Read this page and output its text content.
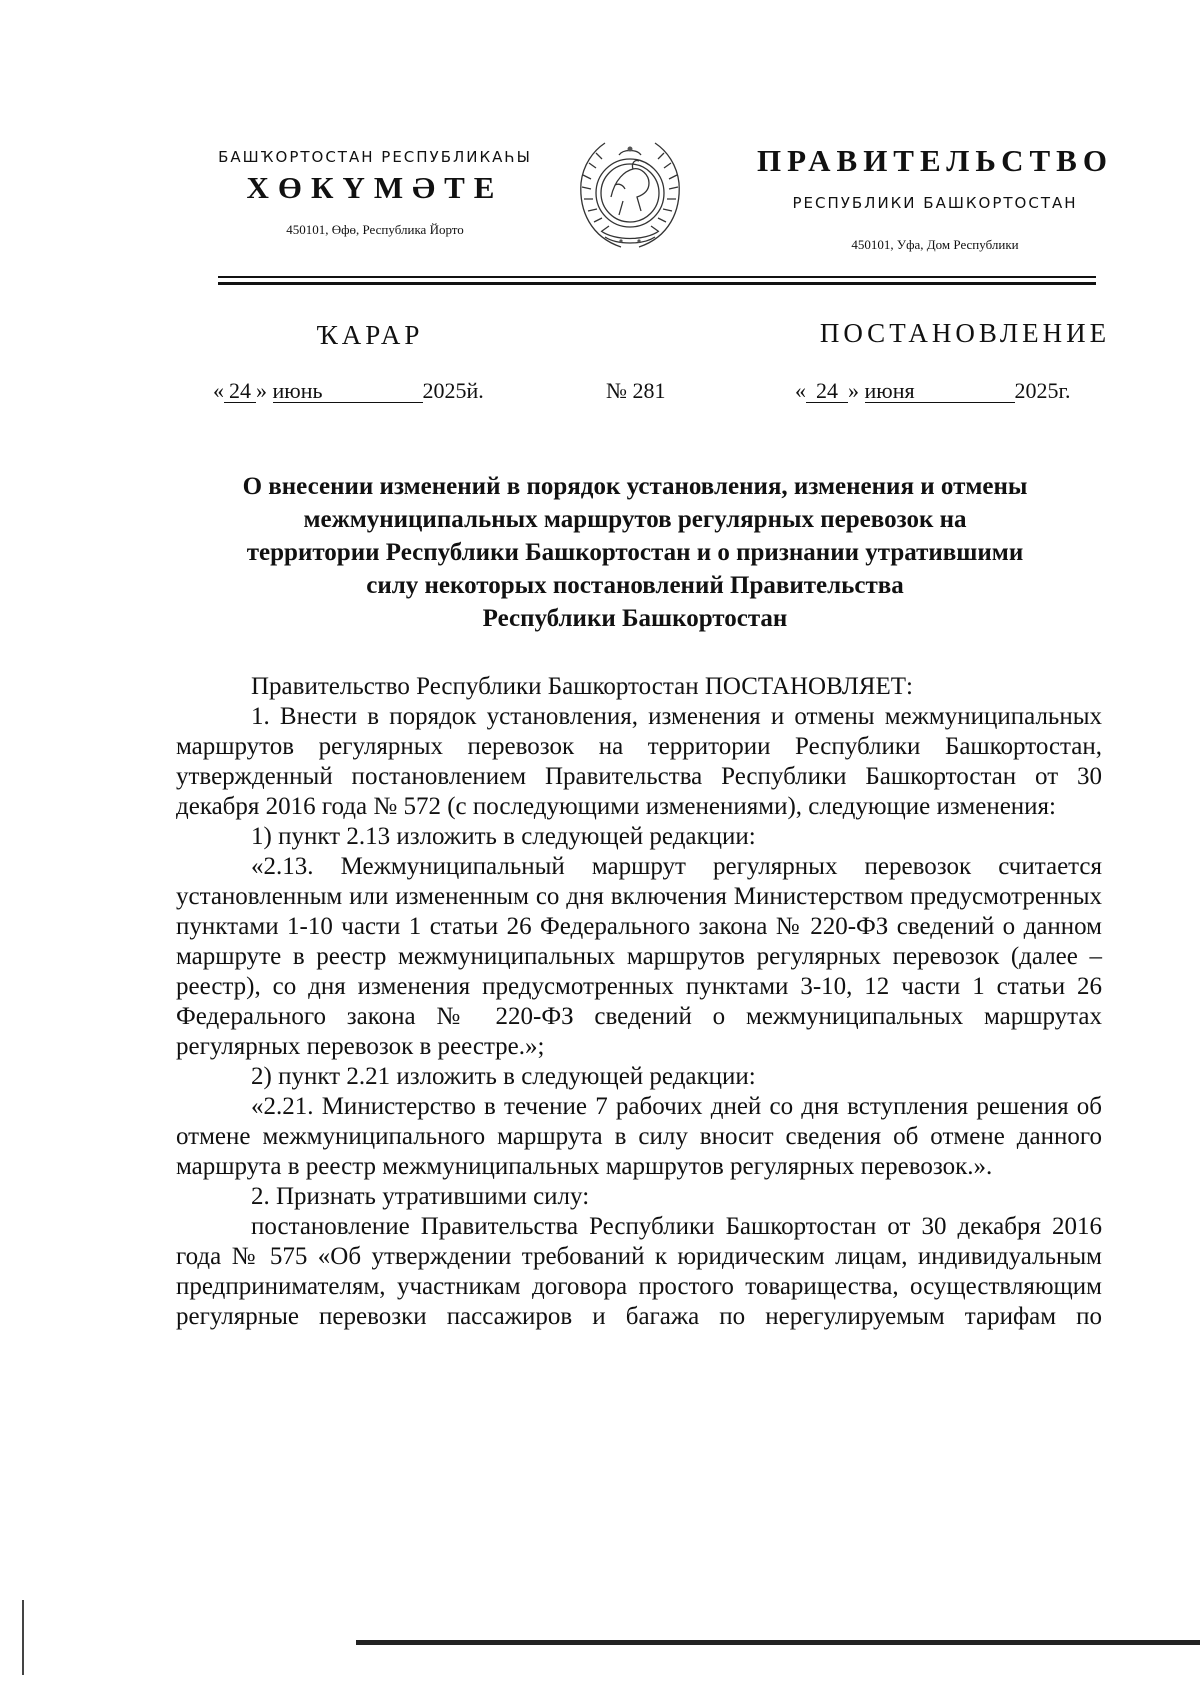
БАШҠОРТОСТАН РЕСПУБЛИКАҺЫ
ХӨКҮМӘТЕ
450101, Өфө, Республика Йорто
ПРАВИТЕЛЬСТВО
РЕСПУБЛИКИ БАШКОРТОСТАН
450101, Уфа, Дом Республики
ҠАРАР	ПОСТАНОВЛЕНИЕ
« 24 » июнь	2025й.	№ 281	« 24 » июня	2025г.
О внесении изменений в порядок установления, изменения и отмены
межмуниципальных маршрутов регулярных перевозок на
территории Республики Башкортостан и о признании утратившими
силу некоторых постановлений Правительства
Республики Башкортостан

Правительство Республики Башкортостан ПОСТАНОВЛЯЕТ:

1. Внести в порядок установления, изменения и отмены межмуниципальных маршрутов регулярных перевозок на территории Республики Башкортостан, утвержденный постановлением Правительства Республики Башкортостан от 30 декабря 2016 года № 572 (с последующими изменениями), следующие изменения:

1) пункт 2.13 изложить в следующей редакции:

«2.13. Межмуниципальный маршрут регулярных перевозок считается установленным или измененным со дня включения Министерством предусмотренных пунктами 1-10 части 1 статьи 26 Федерального закона № 220-ФЗ сведений о данном маршруте в реестр межмуниципальных маршрутов регулярных перевозок (далее – реестр), со дня изменения предусмотренных пунктами 3-10, 12 части 1 статьи 26 Федерального закона № 220-ФЗ сведений о межмуниципальных маршрутах регулярных перевозок в реестре.»;

2) пункт 2.21 изложить в следующей редакции:

«2.21. Министерство в течение 7 рабочих дней со дня вступления решения об отмене межмуниципального маршрута в силу вносит сведения об отмене данного маршрута в реестр межмуниципальных маршрутов регулярных перевозок.».

2. Признать утратившими силу:

постановление Правительства Республики Башкортостан от 30 декабря 2016 года № 575 «Об утверждении требований к юридическим лицам, индивидуальным предпринимателям, участникам договора простого товарищества, осуществляющим регулярные перевозки пассажиров и багажа по нерегулируемым тарифам по
